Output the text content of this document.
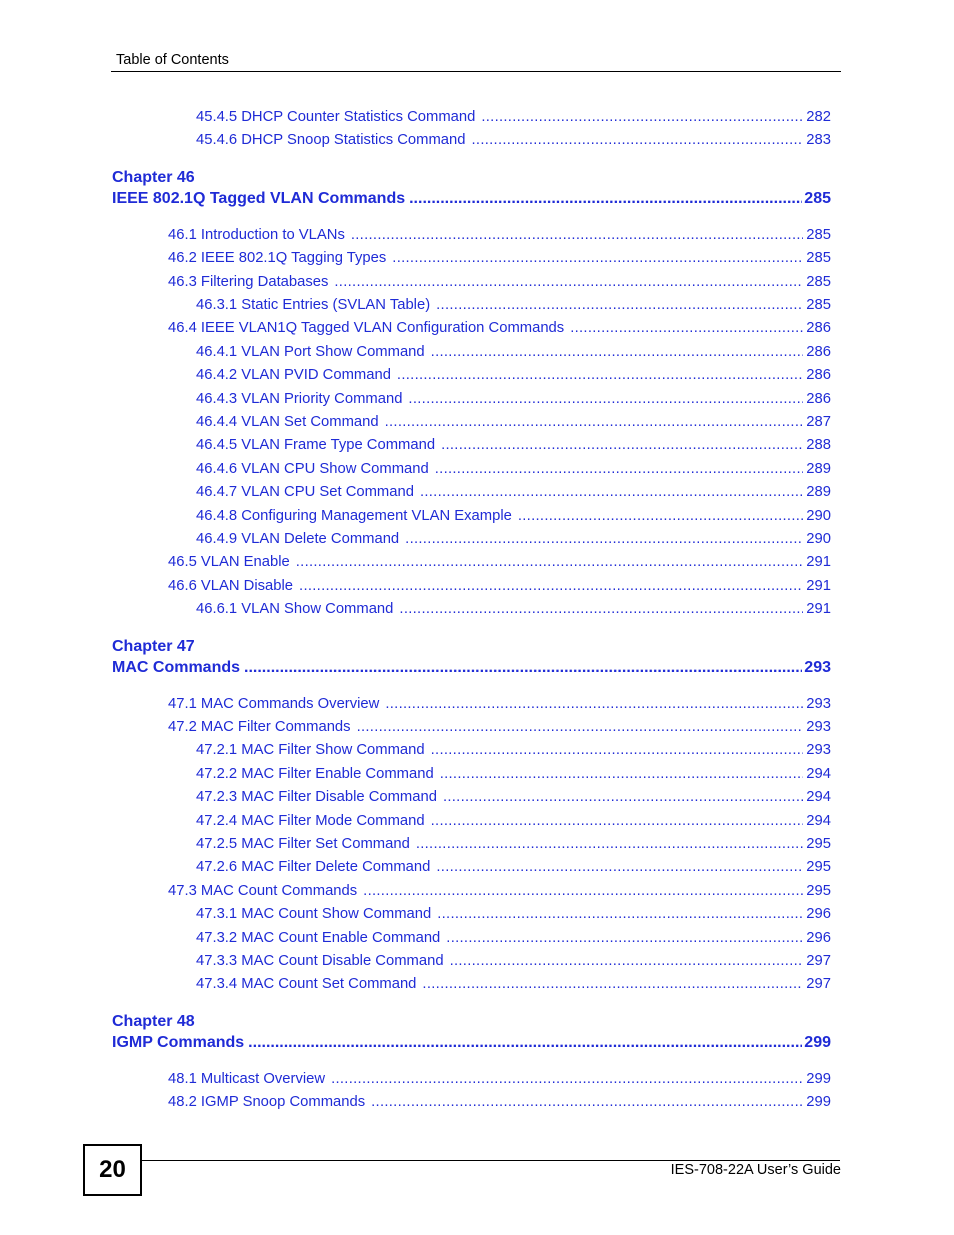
Table of Contents
45.4.5 DHCP Counter Statistics Command .....	282
45.4.6 DHCP Snoop Statistics Command .....	283
Chapter 46
IEEE 802.1Q Tagged VLAN Commands .....	285
46.1 Introduction to VLANs .....	285
46.2 IEEE 802.1Q Tagging Types .....	285
46.3 Filtering Databases .....	285
46.3.1 Static Entries (SVLAN Table) .....	285
46.4 IEEE VLAN1Q Tagged VLAN Configuration Commands .....	286
46.4.1 VLAN Port Show Command .....	286
46.4.2 VLAN PVID Command .....	286
46.4.3 VLAN Priority Command .....	286
46.4.4 VLAN Set Command .....	287
46.4.5 VLAN Frame Type Command .....	288
46.4.6 VLAN CPU Show Command .....	289
46.4.7 VLAN CPU Set Command .....	289
46.4.8 Configuring Management VLAN Example .....	290
46.4.9 VLAN Delete Command .....	290
46.5 VLAN Enable .....	291
46.6 VLAN Disable .....	291
46.6.1 VLAN Show Command .....	291
Chapter 47
MAC Commands .....	293
47.1 MAC Commands Overview .....	293
47.2 MAC Filter Commands .....	293
47.2.1 MAC Filter Show Command .....	293
47.2.2 MAC Filter Enable Command .....	294
47.2.3 MAC Filter Disable Command .....	294
47.2.4 MAC Filter Mode Command .....	294
47.2.5 MAC Filter Set Command .....	295
47.2.6 MAC Filter Delete Command .....	295
47.3 MAC Count Commands .....	295
47.3.1 MAC Count Show Command .....	296
47.3.2 MAC Count Enable Command .....	296
47.3.3 MAC Count Disable Command .....	297
47.3.4 MAC Count Set Command .....	297
Chapter 48
IGMP Commands .....	299
48.1 Multicast Overview .....	299
48.2 IGMP Snoop Commands .....	299
20	IES-708-22A User’s Guide
